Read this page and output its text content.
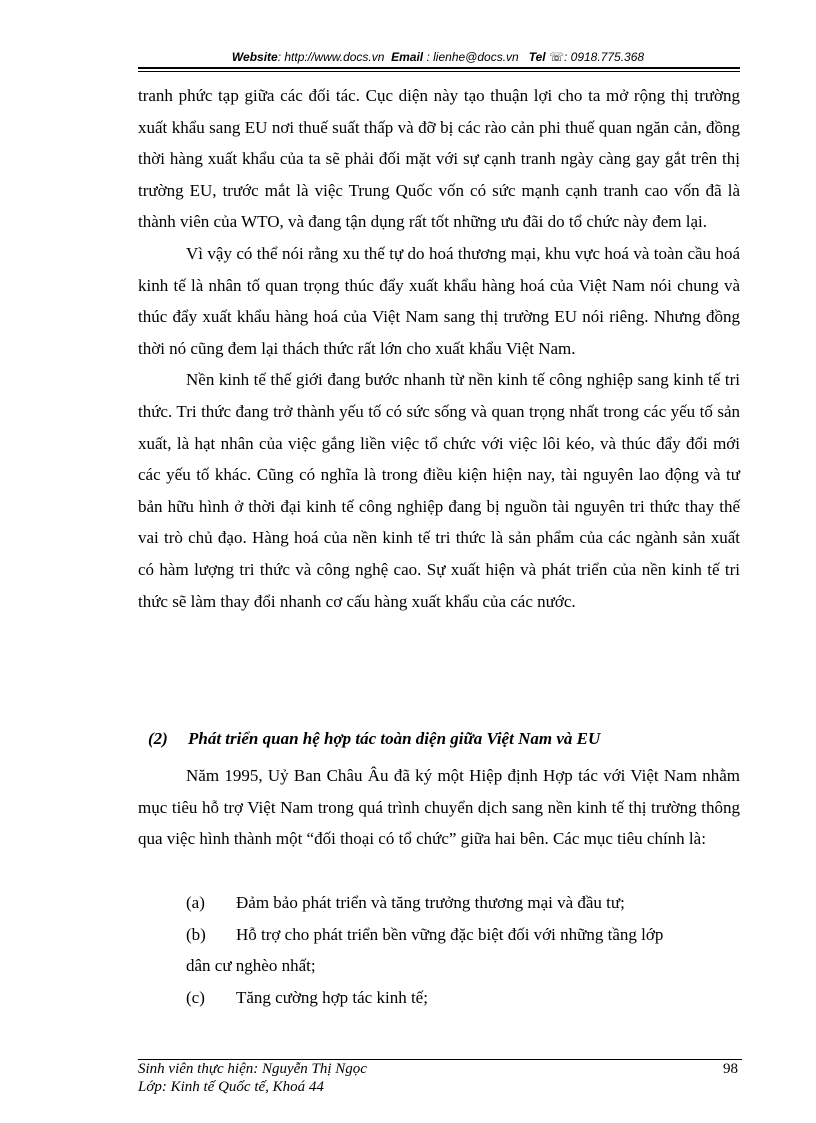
Website: http://www.docs.vn Email : lienhe@docs.vn Tel ☏: 0918.775.368

tranh phức tạp giữa các đối tác. Cục diện này tạo thuận lợi cho ta mở rộng thị trường xuất khẩu sang EU nơi thuế suất thấp và đỡ bị các rào cản phi thuế quan ngăn cản, đồng thời hàng xuất khẩu của ta sẽ phải đối mặt với sự cạnh tranh ngày càng gay gắt trên thị trường EU, trước mắt là việc Trung Quốc vốn có sức mạnh cạnh tranh cao vốn đã là thành viên của WTO, và đang tận dụng rất tốt những ưu đãi do tổ chức này đem lại.

Vì vậy có thể nói rằng xu thế tự do hoá thương mại, khu vực hoá và toàn cầu hoá kinh tế là nhân tố quan trọng thúc đẩy xuất khẩu hàng hoá của Việt Nam nói chung và thúc đẩy xuất khẩu hàng hoá của Việt Nam sang thị trường EU nói riêng. Nhưng đồng thời nó cũng đem lại thách thức rất lớn cho xuất khẩu Việt Nam.

Nền kinh tế thế giới đang bước nhanh từ nền kinh tế công nghiệp sang kinh tế tri thức. Tri thức đang trở thành yếu tố có sức sống và quan trọng nhất trong các yếu tố sản xuất, là hạt nhân của việc gắng liền việc tổ chức với việc lôi kéo, và thúc đẩy đổi mới các yếu tố khác. Cũng có nghĩa là trong điều kiện hiện nay, tài nguyên lao động và tư bản hữu hình ở thời đại kinh tế công nghiệp đang bị nguồn tài nguyên tri thức thay thế vai trò chủ đạo. Hàng hoá của nền kinh tế tri thức là sản phẩm của các ngành sản xuất có hàm lượng tri thức và công nghệ cao. Sự xuất hiện và phát triển của nền kinh tế tri thức sẽ làm thay đổi nhanh cơ cấu hàng xuất khẩu của các nước.

(2) Phát triển quan hệ hợp tác toàn diện giữa Việt Nam và EU

Năm 1995, Uỷ Ban Châu Âu đã ký một Hiệp định Hợp tác với Việt Nam nhằm mục tiêu hỗ trợ Việt Nam trong quá trình chuyển dịch sang nền kinh tế thị trường thông qua việc hình thành một “đối thoại có tổ chức” giữa hai bên. Các mục tiêu chính là:

(a) Đảm bảo phát triển và tăng trưởng thương mại và đầu tư;
(b) Hỗ trợ cho phát triển bền vững đặc biệt đối với những tầng lớp
dân cư nghèo nhất;
(c) Tăng cường hợp tác kinh tế;
Sinh viên thực hiện: Nguyễn Thị Ngọc
Lớp: Kinh tế Quốc tế, Khoá 44
98
